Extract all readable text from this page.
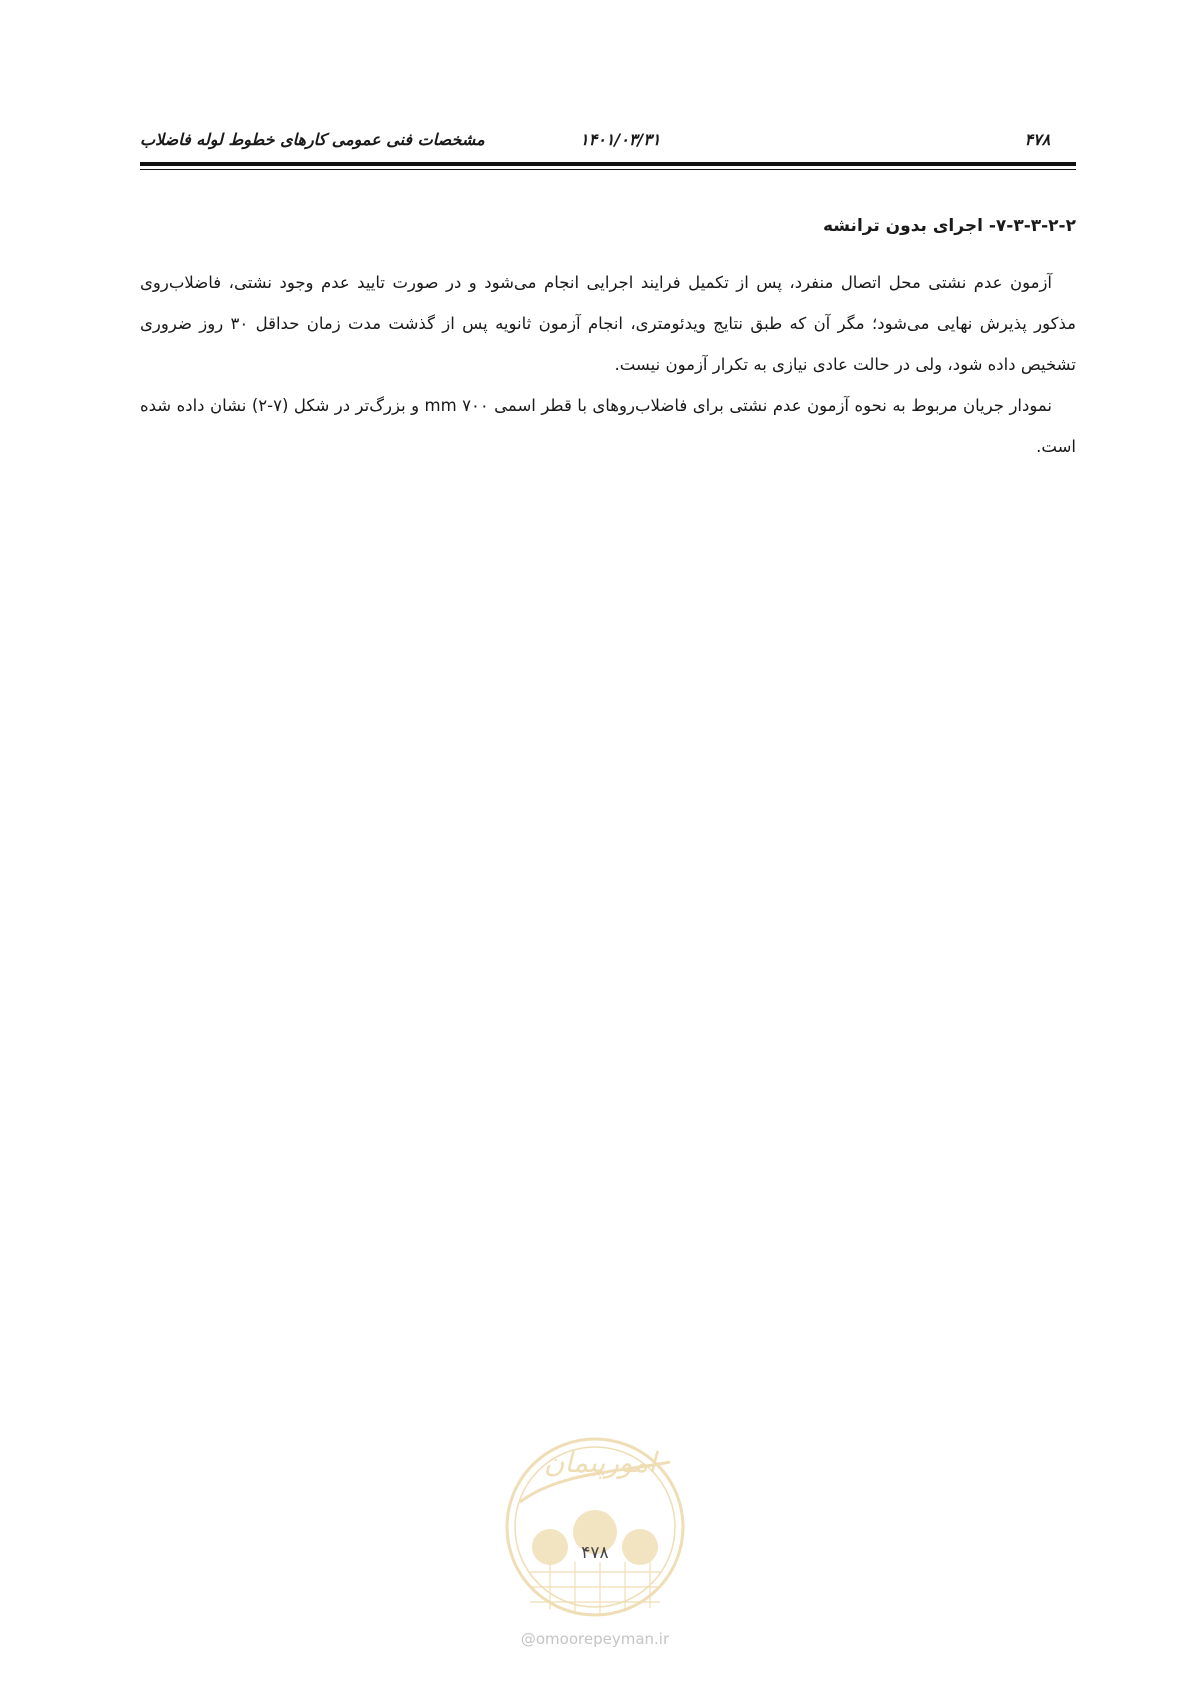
۴۷۸
۱۴۰۱/۰۳/۳۱
مشخصات فنی عمومی کارهای خطوط لوله فاضلاب
۷-۳-۳-۲-۲- اجرای بدون ترانشه

آزمون عدم نشتی محل اتصال منفرد، پس از تکمیل فرایند اجرایی انجام می‌شود و در صورت تایید عدم وجود نشتی، فاضلاب‌روی مذکور پذیرش نهایی می‌شود؛ مگر آن که طبق نتایج ویدئومتری، انجام آزمون ثانویه پس از گذشت مدت زمان حداقل ۳۰ روز ضروری تشخیص داده شود، ولی در حالت عادی نیازی به تکرار آزمون نیست.

نمودار جریان مربوط به نحوه آزمون عدم نشتی برای فاضلاب‌روهای با قطر اسمی ۷۰۰ mm و بزرگ‌تر در شکل (۷-۲) نشان داده شده است.

امورپیمان
۴۷۸
@omoorepeyman.ir
